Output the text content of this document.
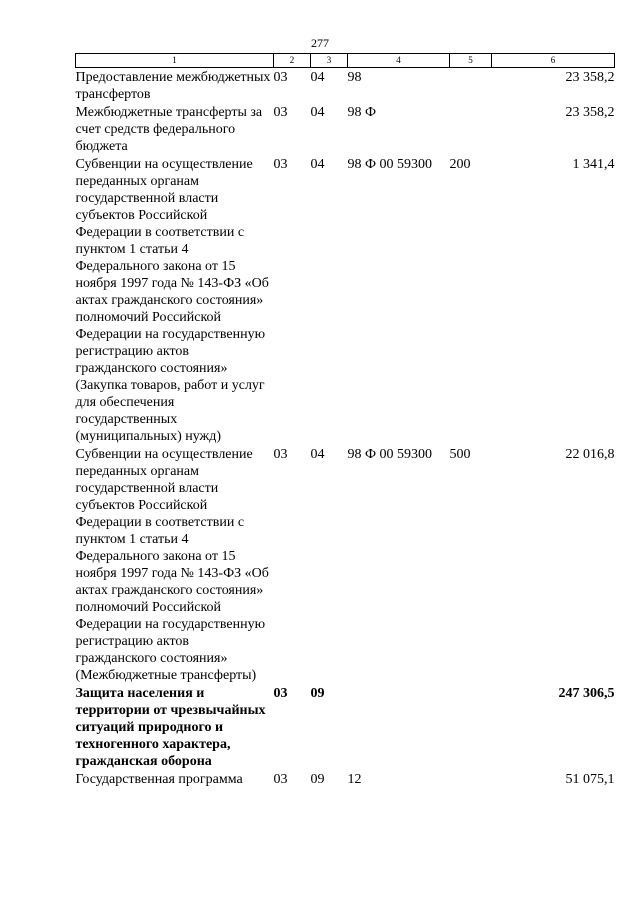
277
1	2	3	4	5	6
Предоставление межбюджетных трансфертов	03	04	98		23 358,2
Межбюджетные трансферты за счет средств федерального бюджета	03	04	98 Ф		23 358,2
Субвенции на осуществление переданных органам государственной власти субъектов Российской Федерации в соответствии с пунктом 1 статьи 4 Федерального закона от 15 ноября 1997 года № 143-ФЗ «Об актах гражданского состояния» полномочий Российской Федерации на государственную регистрацию актов гражданского состояния» (Закупка товаров, работ и услуг для обеспечения государственных (муниципальных) нужд)	03	04	98 Ф 00 59300	200	1 341,4
Субвенции на осуществление переданных органам государственной власти субъектов Российской Федерации в соответствии с пунктом 1 статьи 4 Федерального закона от 15 ноября 1997 года № 143-ФЗ «Об актах гражданского состояния» полномочий Российской Федерации на государственную регистрацию актов гражданского состояния» (Межбюджетные трансферты)	03	04	98 Ф 00 59300	500	22 016,8
Защита населения и территории от чрезвычайных ситуаций природного и техногенного характера, гражданская оборона	03	09			247 306,5
Государственная программа	03	09	12		51 075,1
